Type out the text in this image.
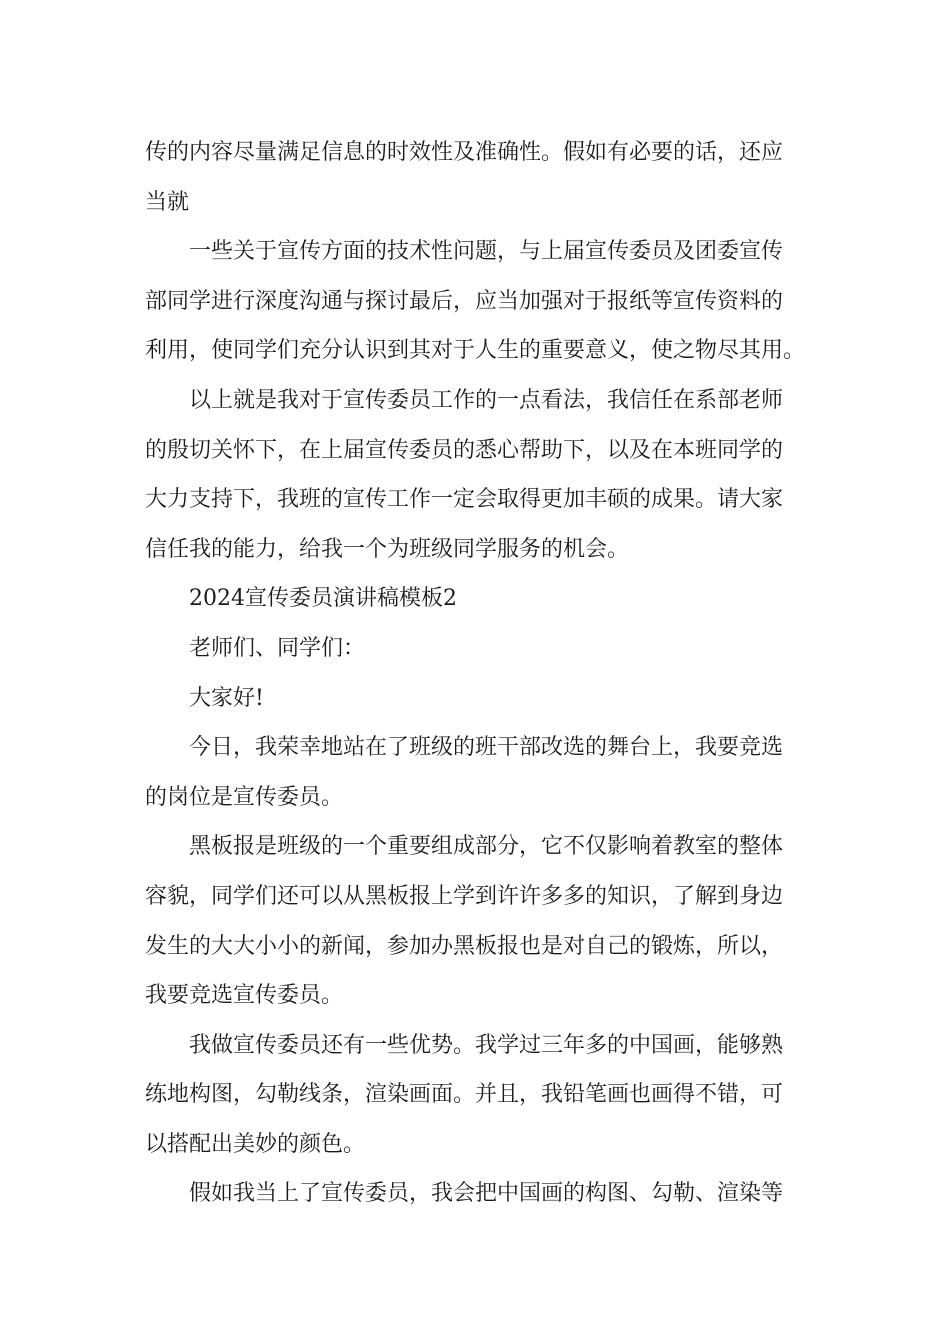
传的内容尽量满足信息的时效性及准确性。假如有必要的话，还应
当就
一些关于宣传方面的技术性问题，与上届宣传委员及团委宣传
部同学进行深度沟通与探讨最后，应当加强对于报纸等宣传资料的
利用，使同学们充分认识到其对于人生的重要意义，使之物尽其用。
以上就是我对于宣传委员工作的一点看法，我信任在系部老师
的殷切关怀下，在上届宣传委员的悉心帮助下，以及在本班同学的
大力支持下，我班的宣传工作一定会取得更加丰硕的成果。请大家
信任我的能力，给我一个为班级同学服务的机会。
2024宣传委员演讲稿模板2
老师们、同学们：
大家好!
今日，我荣幸地站在了班级的班干部改选的舞台上，我要竞选
的岗位是宣传委员。
黑板报是班级的一个重要组成部分，它不仅影响着教室的整体
容貌，同学们还可以从黑板报上学到许许多多的知识，了解到身边
发生的大大小小的新闻，参加办黑板报也是对自己的锻炼，所以，
我要竞选宣传委员。
我做宣传委员还有一些优势。我学过三年多的中国画，能够熟
练地构图，勾勒线条，渲染画面。并且，我铅笔画也画得不错，可
以搭配出美妙的颜色。
假如我当上了宣传委员，我会把中国画的构图、勾勒、渲染等
